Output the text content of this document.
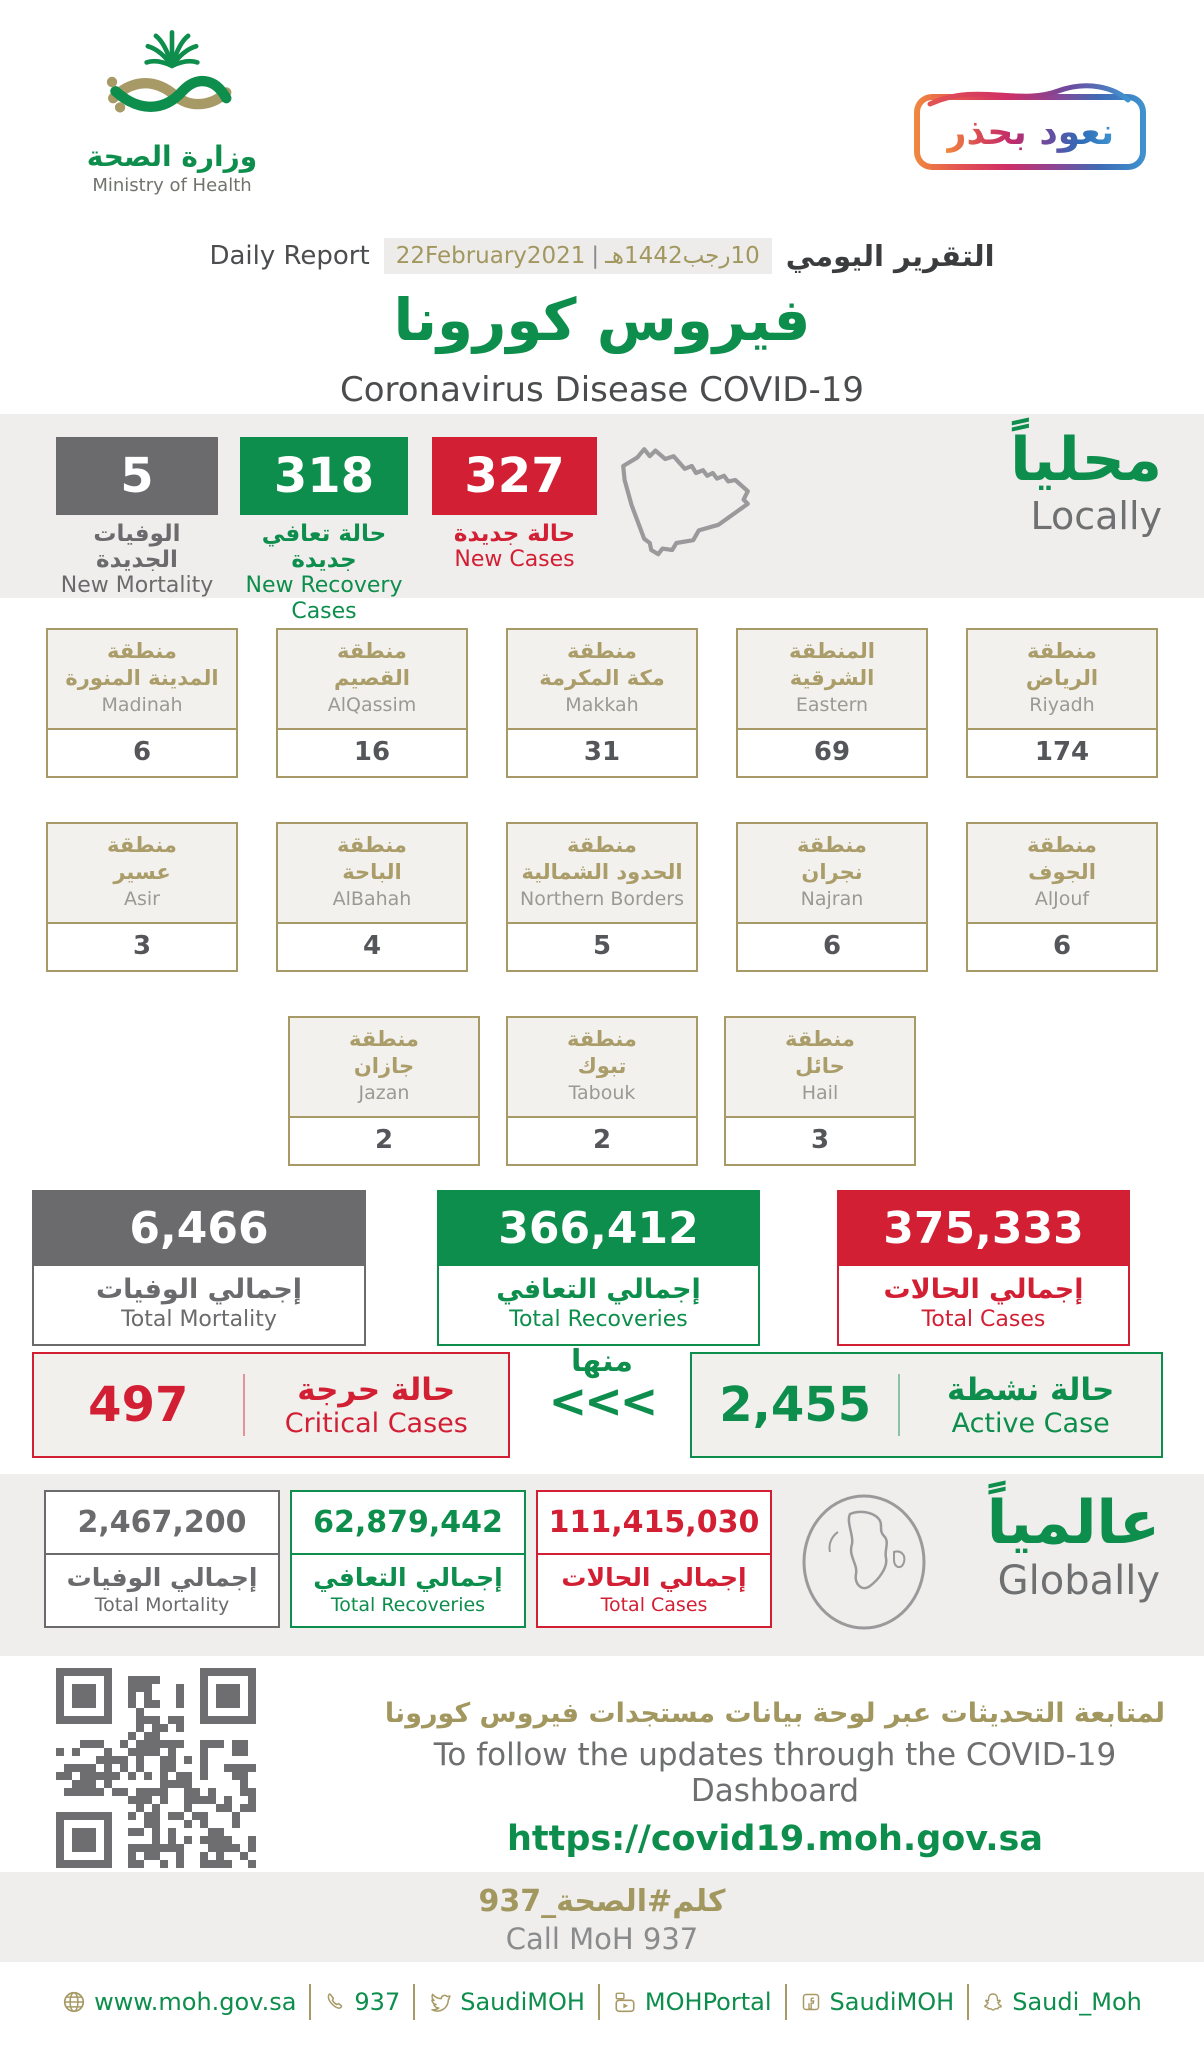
وزارة الصحة
Ministry of Health
نعود بحذر
Daily Report 22February2021 | 10رجب1442هـ التقرير اليومي
فيروس كورونا
Coronavirus Disease COVID-19
5
الوفيات الجديدة
New Mortality
318
حالة تعافي جديدة
New Recovery Cases
327
حالة جديدة
New Cases
محلياً
Locally
منطقة
المدينة المنورة
Madinah
6
منطقة
القصيم
AlQassim
16
منطقة
مكة المكرمة
Makkah
31
المنطقة
الشرقية
Eastern
69
منطقة
الرياض
Riyadh
174
منطقة
عسير
Asir
3
منطقة
الباحة
AlBahah
4
منطقة
الحدود الشمالية
Northern Borders
5
منطقة
نجران
Najran
6
منطقة
الجوف
AlJouf
6
منطقة
جازان
Jazan
2
منطقة
تبوك
Tabouk
2
منطقة
حائل
Hail
3
6,466
إجمالي الوفيات
Total Mortality
366,412
إجمالي التعافي
Total Recoveries
375,333
إجمالي الحالات
Total Cases
497	حالة حرجة
Critical Cases
منها
<<<	2,455	حالة نشطة
Active Case
2,467,200
إجمالي الوفيات
Total Mortality
62,879,442
إجمالي التعافي
Total Recoveries
111,415,030
إجمالي الحالات
Total Cases
عالمياً
Globally
لمتابعة التحديثات عبر لوحة بيانات مستجدات فيروس كورونا
To follow the updates through the COVID-19 Dashboard
https://covid19.moh.gov.sa
كلم#الصحة_937
Call MoH 937
www.moh.gov.sa 937	SaudiMOH	MOHPortal SaudiMOH Saudi_Moh
